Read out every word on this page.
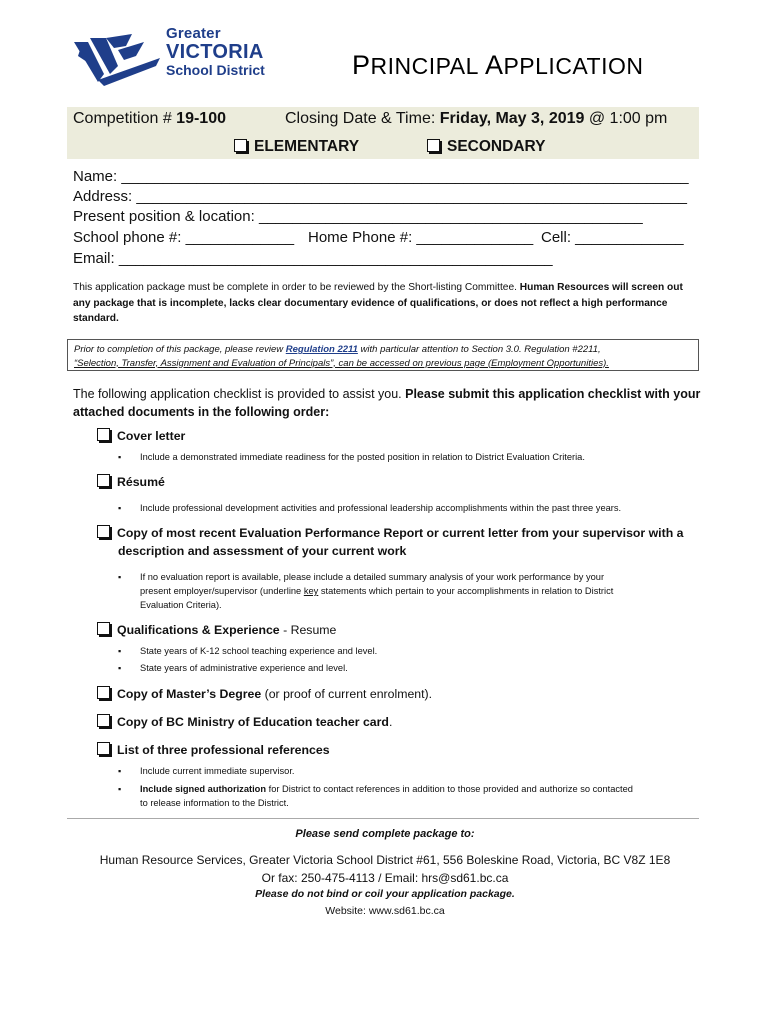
Greater
VICTORIA
School District	PRINCIPAL APPLICATION
Competition # 19-100	Closing Date & Time: Friday, May 3, 2019 @ 1:00 pm
ELEMENTARY	SECONDARY
Name: ____________________________________________________________________
Address: __________________________________________________________________
Present position & location: ______________________________________________
School phone #: _____________ Home Phone #: ______________ Cell: _____________
Email: ____________________________________________________
This application package must be complete in order to be reviewed by the Short-listing Committee. Human Resources will screen out any package that is incomplete, lacks clear documentary evidence of qualifications, or does not reflect a high performance standard.
Prior to completion of this package, please review Regulation 2211 with particular attention to Section 3.0. Regulation #2211,
“Selection, Transfer, Assignment and Evaluation of Principals”, can be accessed on previous page (Employment Opportunities).
The following application checklist is provided to assist you. Please submit this application checklist with your attached documents in the following order:
Cover letter
▪ Include a demonstrated immediate readiness for the posted position in relation to District Evaluation Criteria.
Résumé
▪ Include professional development activities and professional leadership accomplishments within the past three years.
Copy of most recent Evaluation Performance Report or current letter from your supervisor with a
description and assessment of your current work
▪ If no evaluation report is available, please include a detailed summary analysis of your work performance by your
present employer/supervisor (underline key statements which pertain to your accomplishments in relation to District
Evaluation Criteria).
Qualifications & Experience - Resume
▪ State years of K-12 school teaching experience and level.
▪ State years of administrative experience and level.
Copy of Master’s Degree (or proof of current enrolment).
Copy of BC Ministry of Education teacher card.
List of three professional references
▪ Include current immediate supervisor.
▪ Include signed authorization for District to contact references in addition to those provided and authorize so contacted
to release information to the District.
Please send complete package to:
Human Resource Services, Greater Victoria School District #61, 556 Boleskine Road, Victoria, BC V8Z 1E8
Or fax: 250-475-4113 / Email: hrs@sd61.bc.ca
Please do not bind or coil your application package.
Website: www.sd61.bc.ca
